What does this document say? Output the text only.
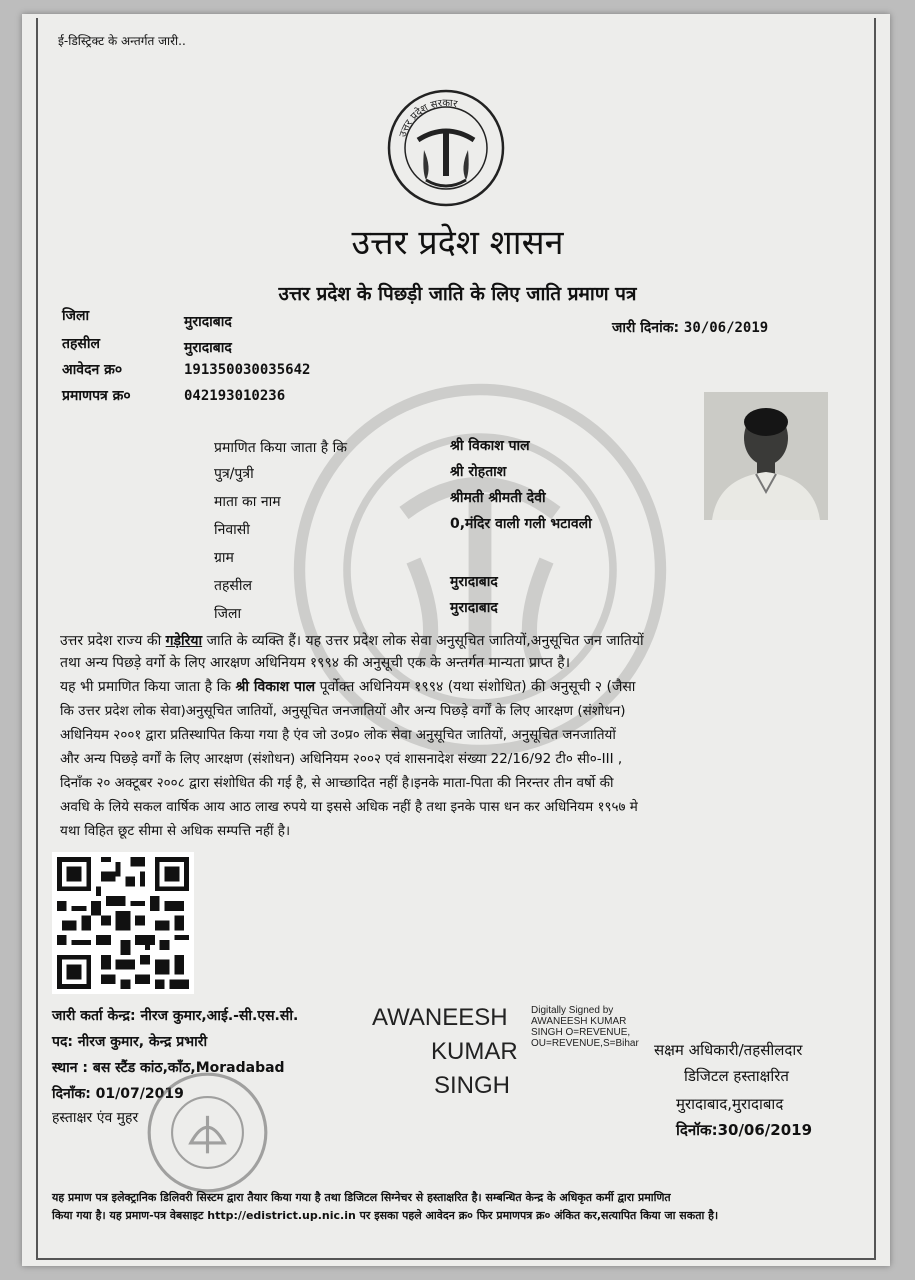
ई-डिस्ट्रिक्ट के अन्तर्गत जारी..
उत्तर प्रदेश सरकार
उत्तर प्रदेश शासन
उत्तर प्रदेश के पिछड़ी जाति के लिए जाति प्रमाण पत्र
जिला	मुरादाबाद
तहसील	मुरादाबाद
आवेदन क्र०	191350030035642
प्रमाणपत्र क्र०	042193010236
जारी दिनांक: 30/06/2019
प्रमाणित किया जाता है कि	श्री विकाश पाल
पुत्र/पुत्री	श्री रोहताश
माता का नाम	श्रीमती श्रीमती देवी
निवासी	0,मंदिर वाली गली भटावली
ग्राम
तहसील	मुरादाबाद
जिला	मुरादाबाद
उत्तर प्रदेश राज्य की गड़ेरिया जाति के व्यक्ति हैं। यह उत्तर प्रदेश लोक सेवा अनुसूचित जातियों,अनुसूचित जन जातियों
तथा अन्य पिछड़े वर्गो के लिए आरक्षण अधिनियम १९९४ की अनुसूची एक के अन्तर्गत मान्यता प्राप्त है।
यह भी प्रमाणित किया जाता है कि श्री विकाश पाल पूर्वोक्त अधिनियम १९९४ (यथा संशोधित) की अनुसूची २ (जैसा
कि उत्तर प्रदेश लोक सेवा)अनुसूचित जातियों, अनुसूचित जनजातियों और अन्य पिछड़े वर्गों के लिए आरक्षण (संशोधन)
अधिनियम २००१ द्वारा प्रतिस्थापित किया गया है एंव जो उ०प्र० लोक सेवा अनुसूचित जातियों, अनुसूचित जनजातियों
और अन्य पिछड़े वर्गों के लिए आरक्षण (संशोधन) अधिनियम २००२ एवं शासनादेश संख्या 22/16/92 टी० सी०-III ,
दिनाँक २० अक्टूबर २००८ द्वारा संशोधित की गई है, से आच्छादित नहीं है।इनके माता-पिता की निरन्तर तीन वर्षो की
अवधि के लिये सकल वार्षिक आय आठ लाख रुपये या इससे अधिक नहीं है तथा इनके पास धन कर अधिनियम १९५७ मे
यथा विहित छूट सीमा से अधिक सम्पत्ति नहीं है।
जारी कर्ता केन्द्र: नीरज कुमार,आई.-सी.एस.सी.
पद: नीरज कुमार, केन्द्र प्रभारी
स्थान : बस स्टैंड कांठ,काँठ,Moradabad
दिनाँक: 01/07/2019
हस्ताक्षर एंव मुहर
AWANEESH
KUMAR
SINGH
Digitally Signed by
AWANEESH KUMAR
SINGH O=REVENUE,
OU=REVENUE,S=Bihar सक्षम अधिकारी/तहसीलदार
डिजिटल हस्ताक्षरित
मुरादाबाद,मुरादाबाद
दिनॉक:30/06/2019
यह प्रमाण पत्र इलेक्ट्रानिक डिलिवरी सिस्टम द्वारा तैयार किया गया है तथा डिजिटल सिग्नेचर से हस्ताक्षरित है। सम्बन्धित केन्द्र के अधिकृत कर्मी द्वारा प्रमाणित
किया गया है। यह प्रमाण-पत्र वेबसाइट http://edistrict.up.nic.in पर इसका पहले आवेदन क्र० फिर प्रमाणपत्र क्र० अंकित कर,सत्यापित किया जा सकता है।
